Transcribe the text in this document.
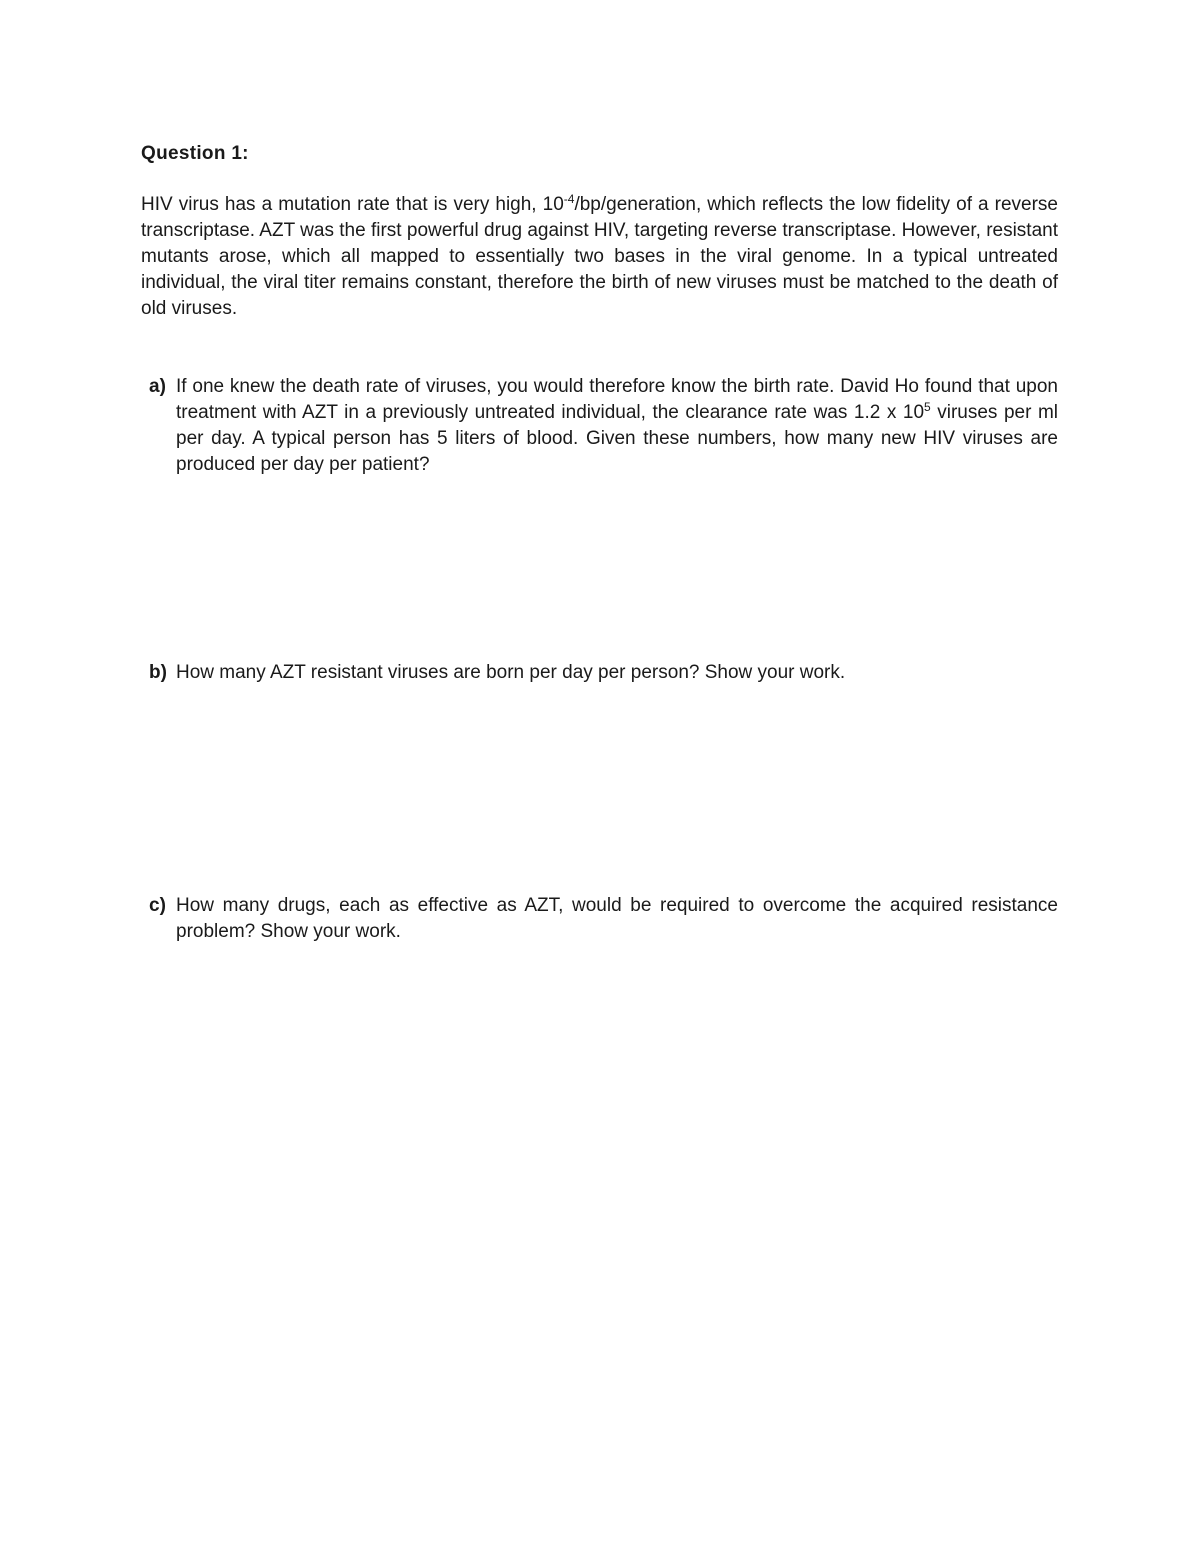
Question 1:
HIV virus has a mutation rate that is very high, $10^{-4}/bp$/generation, which reflects the low fidelity of a reverse transcriptase. AZT was the first powerful drug against HIV, targeting reverse transcriptase. However, resistant mutants arose, which all mapped to essentially two bases in the viral genome. In a typical untreated individual, the viral titer remains constant, therefore the birth of new viruses must be matched to the death of old viruses.
a) If one knew the death rate of viruses, you would therefore know the birth rate. David Ho found that upon treatment with AZT in a previously untreated individual, the clearance rate was 1.2 x $10^5$ viruses per ml per day. A typical person has 5 liters of blood. Given these numbers, how many new HIV viruses are produced per day per patient?
b) How many AZT resistant viruses are born per day per person? Show your work.
c) How many drugs, each as effective as AZT, would be required to overcome the acquired resistance problem? Show your work.
